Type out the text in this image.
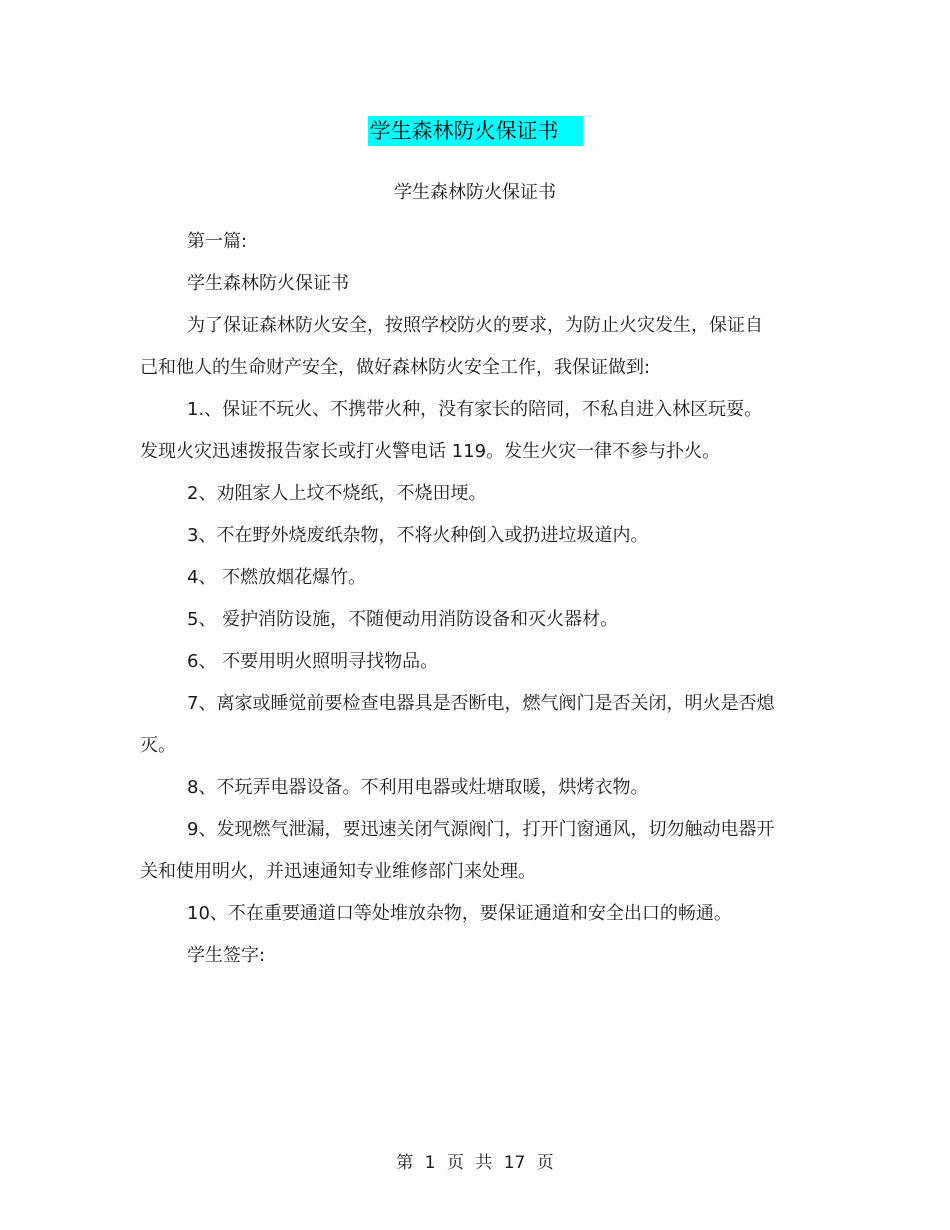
学生森林防火保证书
学生森林防火保证书

第一篇:

学生森林防火保证书

为了保证森林防火安全，按照学校防火的要求，为防止火灾发生，保证自己和他人的生命财产安全，做好森林防火安全工作，我保证做到:

1.、保证不玩火、不携带火种，没有家长的陪同，不私自进入林区玩耍。发现火灾迅速拨报告家长或打火警电话 119。发生火灾一律不参与扑火。

2、劝阻家人上坟不烧纸，不烧田埂。

3、不在野外烧废纸杂物，不将火种倒入或扔进垃圾道内。

4、 不燃放烟花爆竹。

5、 爱护消防设施，不随便动用消防设备和灭火器材。

6、 不要用明火照明寻找物品。

7、离家或睡觉前要检查电器具是否断电，燃气阀门是否关闭，明火是否熄灭。

8、不玩弄电器设备。不利用电器或灶塘取暖，烘烤衣物。

9、发现燃气泄漏，要迅速关闭气源阀门，打开门窗通风，切勿触动电器开关和使用明火，并迅速通知专业维修部门来处理。

10、不在重要通道口等处堆放杂物，要保证通道和安全出口的畅通。

学生签字:

第 1 页 共 17 页
